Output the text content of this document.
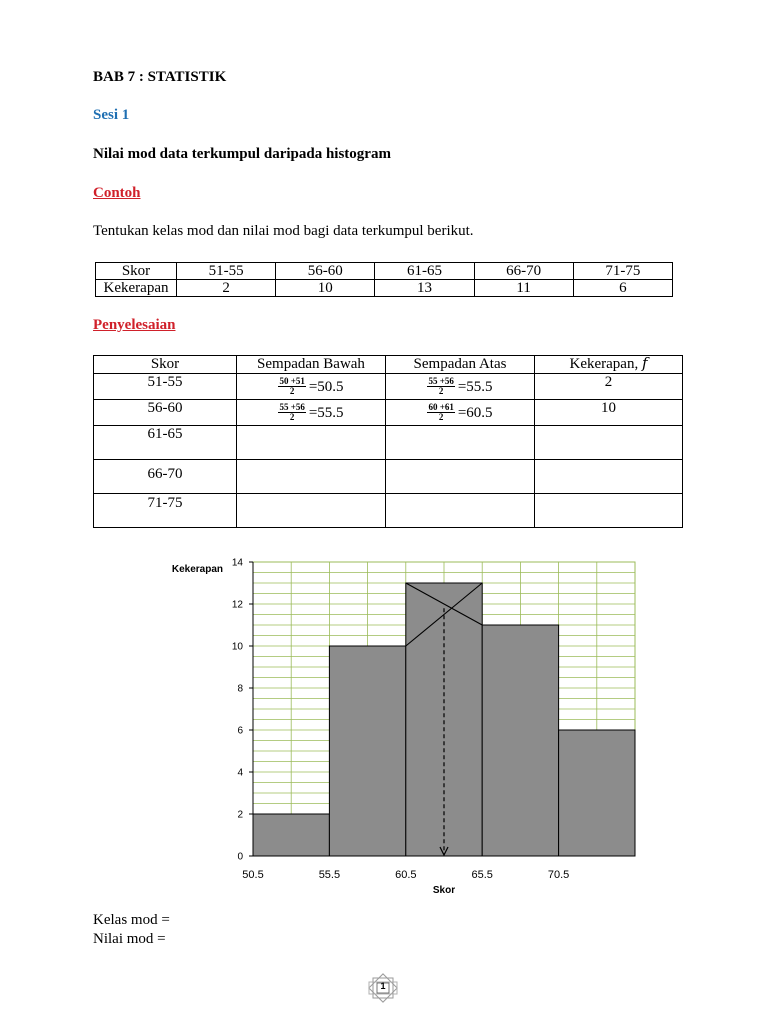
BAB 7 : STATISTIK
Sesi 1
Nilai mod data terkumpul daripada histogram
Contoh
Tentukan kelas mod dan nilai mod bagi data terkumpul berikut.
Skor	51-55	56-60	61-65	66-70	71-75
Kekerapan	2	10	13	11	6
Penyelesaian
Skor	Sempadan Bawah	Sempadan Atas	Kekerapan, 𝑓
51-55	$\frac{50 +51}{2} =50.5$	$\frac{55 +56}{2} =55.5$	2
56-60	$\frac{55 +56}{2} =55.5$	$\frac{60 +61}{2} =60.5$	10
61-65			
66-70			
71-75			
0
2
4
6
8
10
12
14
50.5	55.5	60.5	65.5	70.5
Kekerapan
Skor
Kelas mod =
Nilai mod =
1
